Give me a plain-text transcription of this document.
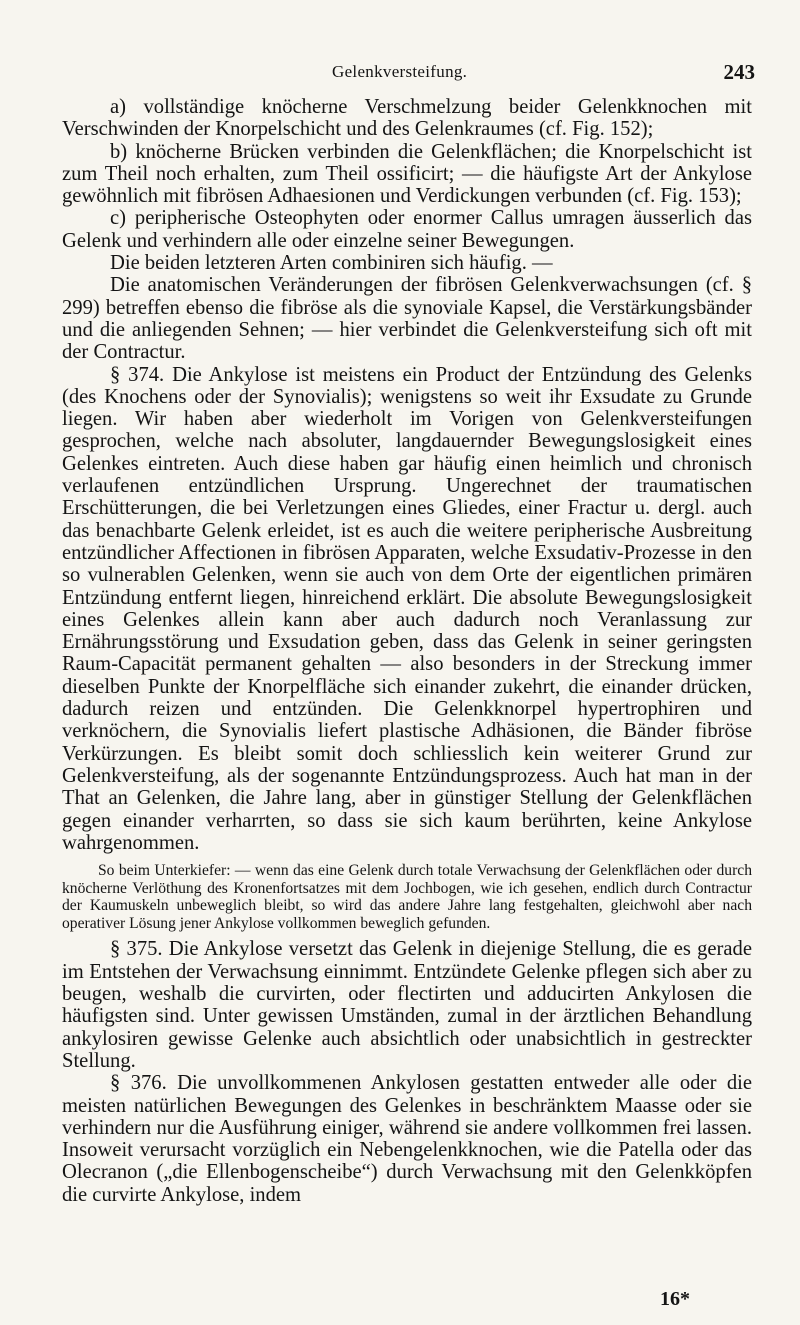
Gelenkversteifung.	243

a) vollständige knöcherne Verschmelzung beider Gelenkknochen mit Verschwinden der Knorpelschicht und des Gelenkraumes (cf. Fig. 152);

b) knöcherne Brücken verbinden die Gelenkflächen; die Knorpelschicht ist zum Theil noch erhalten, zum Theil ossificirt; — die häufigste Art der Ankylose gewöhnlich mit fibrösen Adhaesionen und Verdickungen verbunden (cf. Fig. 153);

c) peripherische Osteophyten oder enormer Callus umragen äusserlich das Gelenk und verhindern alle oder einzelne seiner Bewegungen.

Die beiden letzteren Arten combiniren sich häufig. —

Die anatomischen Veränderungen der fibrösen Gelenkverwachsungen (cf. § 299) betreffen ebenso die fibröse als die synoviale Kapsel, die Verstärkungsbänder und die anliegenden Sehnen; — hier verbindet die Gelenkversteifung sich oft mit der Contractur.

§ 374. Die Ankylose ist meistens ein Product der Entzündung des Gelenks (des Knochens oder der Synovialis); wenigstens so weit ihr Exsudate zu Grunde liegen. Wir haben aber wiederholt im Vorigen von Gelenkversteifungen gesprochen, welche nach absoluter, langdauernder Bewegungslosigkeit eines Gelenkes eintreten. Auch diese haben gar häufig einen heimlich und chronisch verlaufenen entzündlichen Ursprung. Ungerechnet der traumatischen Erschütterungen, die bei Verletzungen eines Gliedes, einer Fractur u. dergl. auch das benachbarte Gelenk erleidet, ist es auch die weitere peripherische Ausbreitung entzündlicher Affectionen in fibrösen Apparaten, welche Exsudativ-Prozesse in den so vulnerablen Gelenken, wenn sie auch von dem Orte der eigentlichen primären Entzündung entfernt liegen, hinreichend erklärt. Die absolute Bewegungslosigkeit eines Gelenkes allein kann aber auch dadurch noch Veranlassung zur Ernährungsstörung und Exsudation geben, dass das Gelenk in seiner geringsten Raum-Capacität permanent gehalten — also besonders in der Streckung immer dieselben Punkte der Knorpelfläche sich einander zukehrt, die einander drücken, dadurch reizen und entzünden. Die Gelenkknorpel hypertrophiren und verknöchern, die Synovialis liefert plastische Adhäsionen, die Bänder fibröse Verkürzungen. Es bleibt somit doch schliesslich kein weiterer Grund zur Gelenkversteifung, als der sogenannte Entzündungsprozess. Auch hat man in der That an Gelenken, die Jahre lang, aber in günstiger Stellung der Gelenkflächen gegen einander verharrten, so dass sie sich kaum berührten, keine Ankylose wahrgenommen.

So beim Unterkiefer: — wenn das eine Gelenk durch totale Verwachsung der Gelenkflächen oder durch knöcherne Verlöthung des Kronenfortsatzes mit dem Jochbogen, wie ich gesehen, endlich durch Contractur der Kaumuskeln unbeweglich bleibt, so wird das andere Jahre lang festgehalten, gleichwohl aber nach operativer Lösung jener Ankylose vollkommen beweglich gefunden.

§ 375. Die Ankylose versetzt das Gelenk in diejenige Stellung, die es gerade im Entstehen der Verwachsung einnimmt. Entzündete Gelenke pflegen sich aber zu beugen, weshalb die curvirten, oder flectirten und adducirten Ankylosen die häufigsten sind. Unter gewissen Umständen, zumal in der ärztlichen Behandlung ankylosiren gewisse Gelenke auch absichtlich oder unabsichtlich in gestreckter Stellung.

§ 376. Die unvollkommenen Ankylosen gestatten entweder alle oder die meisten natürlichen Bewegungen des Gelenkes in beschränktem Maasse oder sie verhindern nur die Ausführung einiger, während sie andere vollkommen frei lassen. Insoweit verursacht vorzüglich ein Nebengelenkknochen, wie die Patella oder das Olecranon („die Ellenbogenscheibe“) durch Verwachsung mit den Gelenkköpfen die curvirte Ankylose, indem

16*
